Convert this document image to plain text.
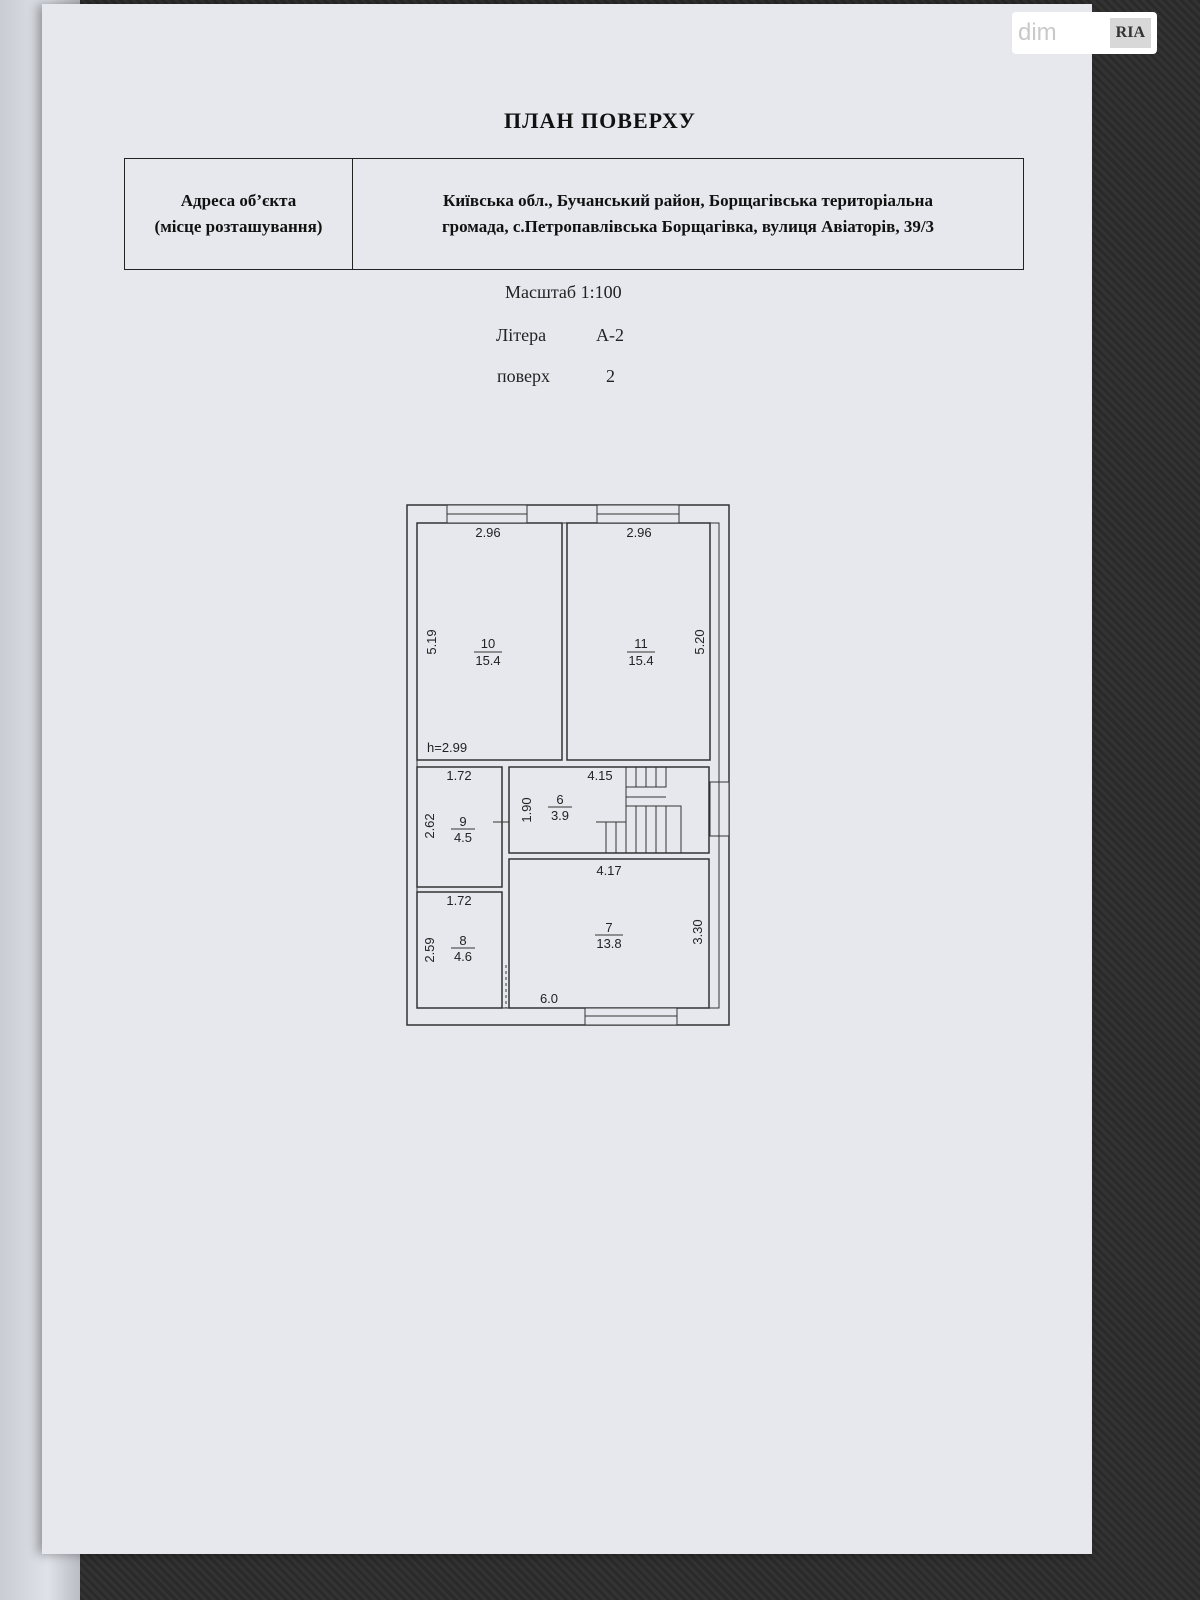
dim	RIA
ПЛАН ПОВЕРХУ
Адреса об’єкта
(місце розташування)

Київська обл., Бучанський район, Борщагівська територіальна
громада, с.Петропавлівська Борщагівка, вулиця Авіаторів, 39/3
Масштаб 1:100
Літера	А-2
поверх	2
2.96	2.96
10
15.4
11
15.4
5.19	5.20
h=2.99
1.72	4.15
2.62 9
4.5
1.90 6
3.9
4.17
1.72
2.59 8
4.6
7
13.8	3.30
6.0
